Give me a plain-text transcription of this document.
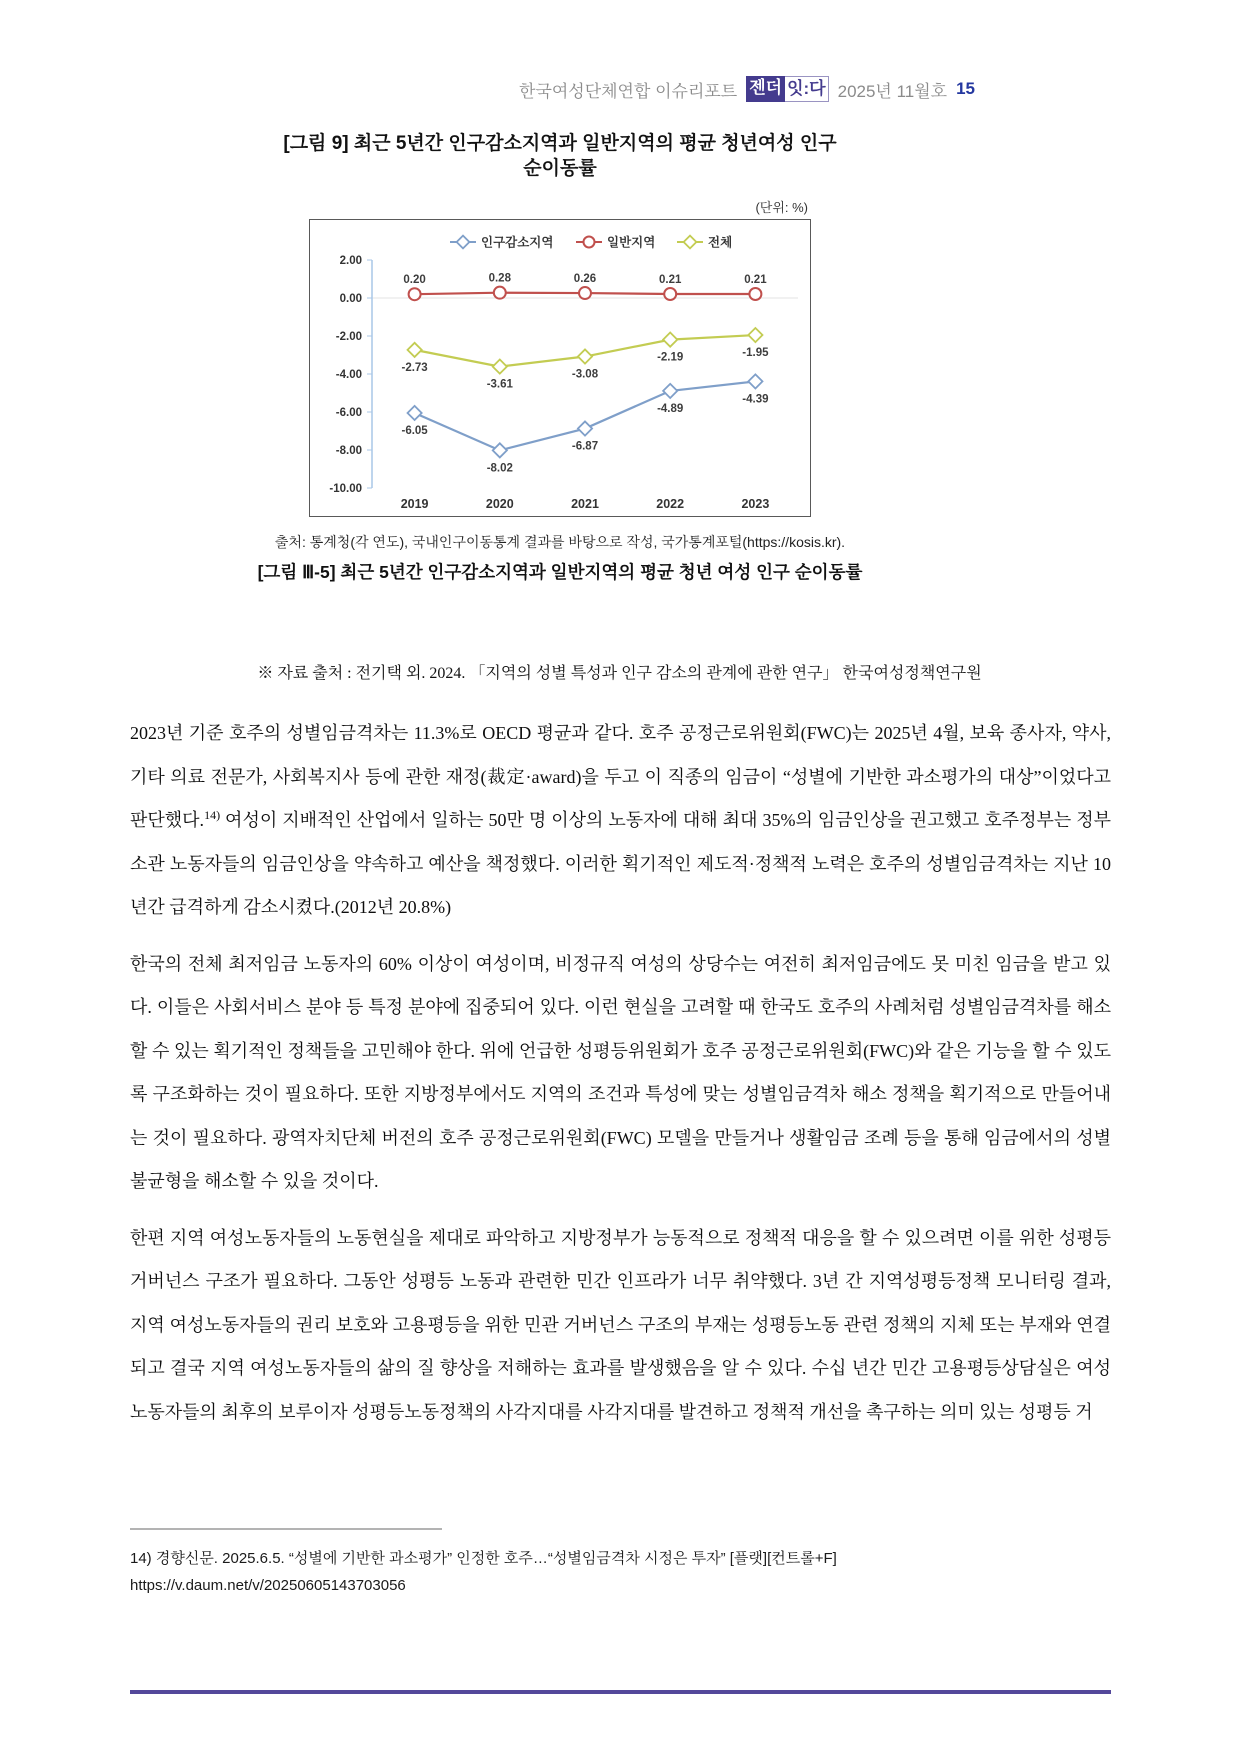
한국여성단체연합 이슈리포트 젠더 잇:다 2025년 11월호 15
[그림 9] 최근 5년간 인구감소지역과 일반지역의 평균 청년여성 인구
순이동률
(단위: %)
2.00
0.00
-2.00
-4.00
-6.00
-8.00
-10.00
2019	2020	2021	2022	2023
-6.05
-8.02
-6.87
-4.89
-4.39
0.20	0.28	0.26	0.21	0.21
-2.73
-3.61
-3.08
-2.19	-1.95
인구감소지역	일반지역	전체
출처: 통계청(각 연도), 국내인구이동통계 결과를 바탕으로 작성, 국가통계포털(https://kosis.kr).
[그림 Ⅲ-5] 최근 5년간 인구감소지역과 일반지역의 평균 청년 여성 인구 순이동률
※ 자료 출처 : 전기택 외. 2024. 「지역의 성별 특성과 인구 감소의 관계에 관한 연구」 한국여성정책연구원

2023년 기준 호주의 성별임금격차는 11.3%로 OECD 평균과 같다. 호주 공정근로위원회(FWC)는 2025년 4월, 보육 종사자, 약사, 기타 의료 전문가, 사회복지사 등에 관한 재정(裁定·award)을 두고 이 직종의 임금이 “성별에 기반한 과소평가의 대상”이었다고 판단했다.$^{14)}$ 여성이 지배적인 산업에서 일하는 50만 명 이상의 노동자에 대해 최대 35%의 임금인상을 권고했고 호주정부는 정부 소관 노동자들의 임금인상을 약속하고 예산을 책정했다. 이러한 획기적인 제도적·정책적 노력은 호주의 성별임금격차는 지난 10년간 급격하게 감소시켰다.(2012년 20.8%)

한국의 전체 최저임금 노동자의 60% 이상이 여성이며, 비정규직 여성의 상당수는 여전히 최저임금에도 못 미친 임금을 받고 있다. 이들은 사회서비스 분야 등 특정 분야에 집중되어 있다. 이런 현실을 고려할 때 한국도 호주의 사례처럼 성별임금격차를 해소할 수 있는 획기적인 정책들을 고민해야 한다. 위에 언급한 성평등위원회가 호주 공정근로위원회(FWC)와 같은 기능을 할 수 있도록 구조화하는 것이 필요하다. 또한 지방정부에서도 지역의 조건과 특성에 맞는 성별임금격차 해소 정책을 획기적으로 만들어내는 것이 필요하다. 광역자치단체 버전의 호주 공정근로위원회(FWC) 모델을 만들거나 생활임금 조례 등을 통해 임금에서의 성별 불균형을 해소할 수 있을 것이다.

한편 지역 여성노동자들의 노동현실을 제대로 파악하고 지방정부가 능동적으로 정책적 대응을 할 수 있으려면 이를 위한 성평등 거버넌스 구조가 필요하다. 그동안 성평등 노동과 관련한 민간 인프라가 너무 취약했다. 3년 간 지역성평등정책 모니터링 결과, 지역 여성노동자들의 권리 보호와 고용평등을 위한 민관 거버넌스 구조의 부재는 성평등노동 관련 정책의 지체 또는 부재와 연결되고 결국 지역 여성노동자들의 삶의 질 향상을 저해하는 효과를 발생했음을 알 수 있다. 수십 년간 민간 고용평등상담실은 여성노동자들의 최후의 보루이자 성평등노동정책의 사각지대를 사각지대를 발견하고 정책적 개선을 촉구하는 의미 있는 성평등 거

14) 경향신문. 2025.6.5. “성별에 기반한 과소평가” 인정한 호주…“성별임금격차 시정은 투자” [플랫][컨트롤+F]
https://v.daum.net/v/20250605143703056
